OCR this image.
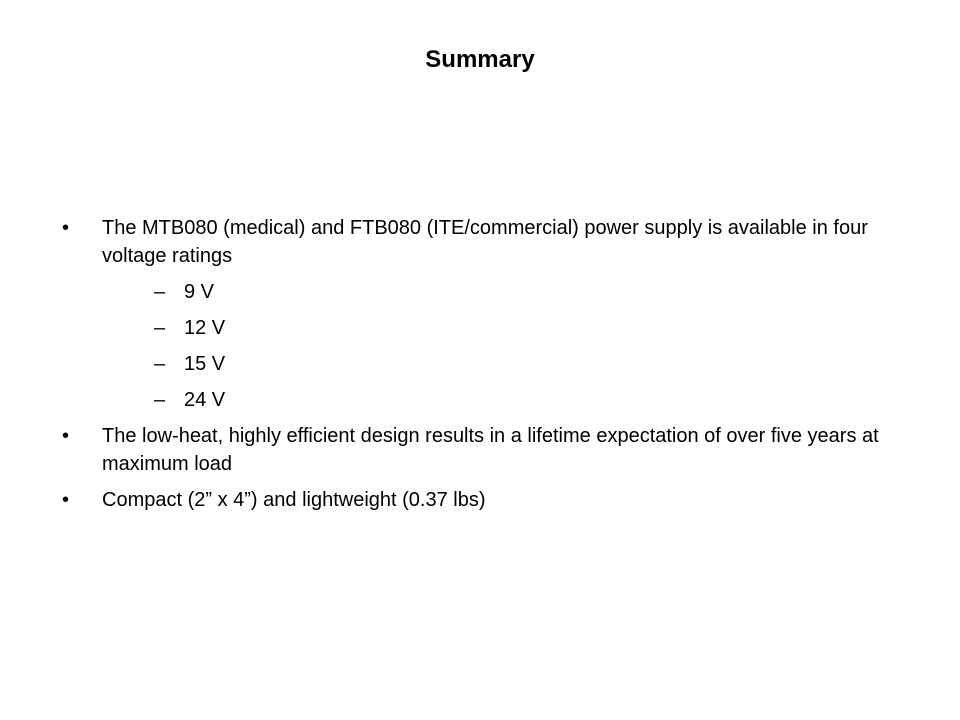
Summary
•	The MTB080 (medical) and FTB080 (ITE/commercial) power supply is available in four voltage ratings
– 9 V
– 12 V
– 15 V
– 24 V
•	The low-heat, highly efficient design results in a lifetime expectation of over five years at maximum load
•	Compact (2” x 4”) and lightweight (0.37 lbs)
